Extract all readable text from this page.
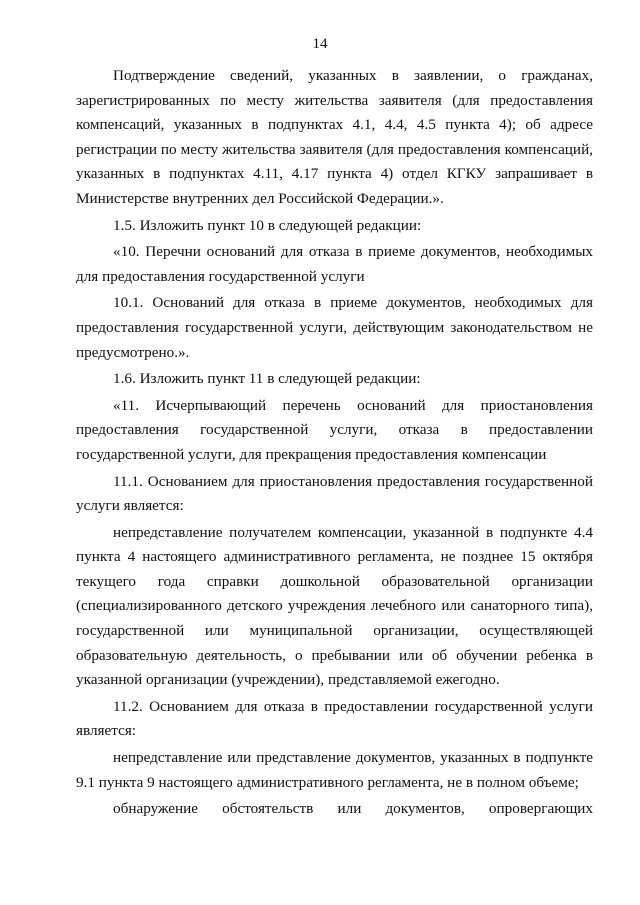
14

Подтверждение сведений, указанных в заявлении, о гражданах, зарегистрированных по месту жительства заявителя (для предоставления компенсаций, указанных в подпунктах 4.1, 4.4, 4.5 пункта 4); об адресе регистрации по месту жительства заявителя (для предоставления компенсаций, указанных в подпунктах 4.11, 4.17 пункта 4) отдел КГКУ запрашивает в Министерстве внутренних дел Российской Федерации.».

1.5. Изложить пункт 10 в следующей редакции:

«10. Перечни оснований для отказа в приеме документов, необходимых для предоставления государственной услуги

10.1. Оснований для отказа в приеме документов, необходимых для предоставления государственной услуги, действующим законодательством не предусмотрено.».

1.6. Изложить пункт 11 в следующей редакции:

«11. Исчерпывающий перечень оснований для приостановления предоставления государственной услуги, отказа в предоставлении государственной услуги, для прекращения предоставления компенсации

11.1. Основанием для приостановления предоставления государственной услуги является:

непредставление получателем компенсации, указанной в подпункте 4.4 пункта 4 настоящего административного регламента, не позднее 15 октября текущего года справки дошкольной образовательной организации (специализированного детского учреждения лечебного или санаторного типа), государственной или муниципальной организации, осуществляющей образовательную деятельность, о пребывании или об обучении ребенка в указанной организации (учреждении), представляемой ежегодно.

11.2. Основанием для отказа в предоставлении государственной услуги является:

непредставление или представление документов, указанных в подпункте 9.1 пункта 9 настоящего административного регламента, не в полном объеме;

обнаружение обстоятельств или документов, опровергающих
